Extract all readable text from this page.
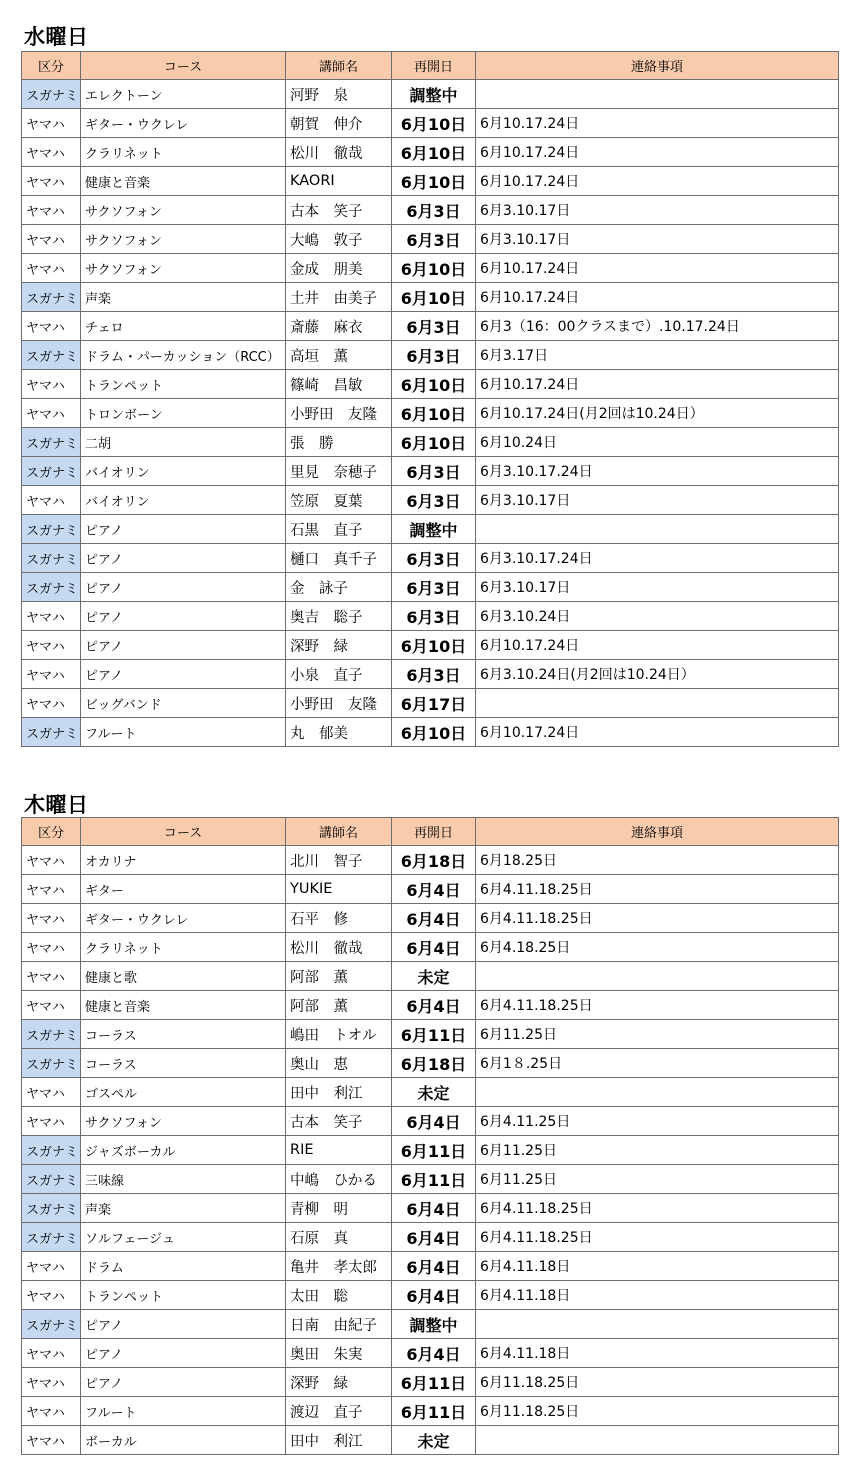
水曜日
区分	コース	講師名	再開日	連絡事項
スガナミ	エレクトーン	河野　泉	調整中	
ヤマハ	ギター・ウクレレ	朝賀　伸介	6月10日	6月10.17.24日
ヤマハ	クラリネット	松川　徹哉	6月10日	6月10.17.24日
ヤマハ	健康と音楽	KAORI	6月10日	6月10.17.24日
ヤマハ	サクソフォン	古本　笑子	6月3日	6月3.10.17日
ヤマハ	サクソフォン	大嶋　敦子	6月3日	6月3.10.17日
ヤマハ	サクソフォン	金成　朋美	6月10日	6月10.17.24日
スガナミ	声楽	土井　由美子	6月10日	6月10.17.24日
ヤマハ	チェロ	斎藤　麻衣	6月3日	6月3（16：00クラスまで）.10.17.24日
スガナミ	ドラム・パーカッション（RCC）	高垣　薫	6月3日	6月3.17日
ヤマハ	トランペット	篠崎　昌敏	6月10日	6月10.17.24日
ヤマハ	トロンボーン	小野田　友隆	6月10日	6月10.17.24日(月2回は10.24日）
スガナミ	二胡	張　勝	6月10日	6月10.24日
スガナミ	バイオリン	里見　奈穂子	6月3日	6月3.10.17.24日
ヤマハ	バイオリン	笠原　夏葉	6月3日	6月3.10.17日
スガナミ	ピアノ	石黒　直子	調整中	
スガナミ	ピアノ	樋口　真千子	6月3日	6月3.10.17.24日
スガナミ	ピアノ	金　詠子	6月3日	6月3.10.17日
ヤマハ	ピアノ	奥吉　聡子	6月3日	6月3.10.24日
ヤマハ	ピアノ	深野　緑	6月10日	6月10.17.24日
ヤマハ	ピアノ	小泉　直子	6月3日	6月3.10.24日(月2回は10.24日）
ヤマハ	ビッグバンド	小野田　友隆	6月17日	
スガナミ	フルート	丸　郁美	6月10日	6月10.17.24日
木曜日
区分	コース	講師名	再開日	連絡事項
ヤマハ	オカリナ	北川　智子	6月18日	6月18.25日
ヤマハ	ギター	YUKIE	6月4日	6月4.11.18.25日
ヤマハ	ギター・ウクレレ	石平　修	6月4日	6月4.11.18.25日
ヤマハ	クラリネット	松川　徹哉	6月4日	6月4.18.25日
ヤマハ	健康と歌	阿部　薫	未定	
ヤマハ	健康と音楽	阿部　薫	6月4日	6月4.11.18.25日
スガナミ	コーラス	嶋田　トオル	6月11日	6月11.25日
スガナミ	コーラス	奥山　恵	6月18日	6月1８.25日
ヤマハ	ゴスペル	田中　利江	未定	
ヤマハ	サクソフォン	古本　笑子	6月4日	6月4.11.25日
スガナミ	ジャズボーカル	RIE	6月11日	6月11.25日
スガナミ	三味線	中嶋　ひかる	6月11日	6月11.25日
スガナミ	声楽	青柳　明	6月4日	6月4.11.18.25日
スガナミ	ソルフェージュ	石原　真	6月4日	6月4.11.18.25日
ヤマハ	ドラム	亀井　孝太郎	6月4日	6月4.11.18日
ヤマハ	トランペット	太田　聡	6月4日	6月4.11.18日
スガナミ	ピアノ	日南　由紀子	調整中	
ヤマハ	ピアノ	奥田　朱実	6月4日	6月4.11.18日
ヤマハ	ピアノ	深野　緑	6月11日	6月11.18.25日
ヤマハ	フルート	渡辺　直子	6月11日	6月11.18.25日
ヤマハ	ボーカル	田中　利江	未定	
